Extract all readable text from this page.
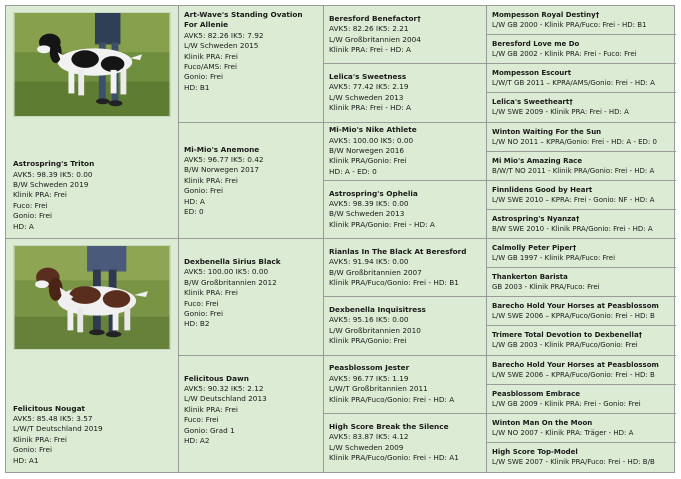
Astrospring's Triton
AVK5: 98.39 IK5: 0.00
B/W Schweden 2019
Klinik PRA: Frei
Fuco: Frei
Gonio: Frei
HD: A
Felicitous Nougat
AVK5: 85.48 IK5: 3.57
L/W/T Deutschland 2019
Klinik PRA: Frei
Gonio: Frei
HD: A1
Art-Wave's Standing Ovation For Allenie
AVK5: 82.26 IK5: 7.92
L/W Schweden 2015
Klinik PRA: Frei
Fuco/AMS: Frei
Gonio: Frei
HD: B1
Mi-Mio's Anemone
AVK5: 96.77 IK5: 0.42
B/W Norwegen 2017
Klinik PRA: Frei
Gonio: Frei
HD: A
ED: 0
Dexbenella Sirius Black
AVK5: 100.00 IK5: 0.00
B/W Großbritannien 2012
Klinik PRA: Frei
Fuco: Frei
Gonio: Frei
HD: B2
Felicitous Dawn
AVK5: 90.32 IK5: 2.12
L/W Deutschland 2013
Klinik PRA: Frei
Fuco: Frei
Gonio: Grad 1
HD: A2
Beresford Benefactor†
AVK5: 82.26 IK5: 2.21
L/W Großbritannien 2004
Klinik PRA: Frei - HD: A
Lelica's Sweetness
AVK5: 77.42 IK5: 2.19
L/W Schweden 2013
Klinik PRA: Frei - HD: A
Mi-Mio's Nike Athlete
AVK5: 100.00 IK5: 0.00
B/W Norwegen 2016
Klinik PRA/Gonio: Frei
HD: A - ED: 0
Astrospring's Ophelia
AVK5: 98.39 IK5: 0.00
B/W Schweden 2013
Klinik PRA/Gonio: Frei - HD: A
Rianlas In The Black At Beresford
AVK5: 91.94 IK5: 0.00
B/W Großbritannien 2007
Klinik PRA/Fuco/Gonio: Frei - HD: B1
Dexbenella Inquisitress
AVK5: 95.16 IK5: 0.00
L/W Großbritannien 2010
Klinik PRA/Gonio: Frei
Peasblossom Jester
AVK5: 96.77 IK5: 1.19
L/W/T Großbritannien 2011
Klinik PRA/Fuco/Gonio: Frei - HD: A
High Score Break the Silence
AVK5: 83.87 IK5: 4.12
L/W Schweden 2009
Klinik PRA/Fuco/Gonio: Frei - HD: A1
Mompesson Royal Destiny†
L/W GB 2000 - Klinik PRA/Fuco: Frei - HD: B1
Beresford Love me Do
L/W GB 2002 - Klinik PRA: Frei - Fuco: Frei
Mompesson Escourt
L/W/T GB 2011 – KPRA/AMS/Gonio: Frei - HD: A
Lelica's Sweetheart†
L/W SWE 2009 - Klinik PRA: Frei - HD: A
Winton Waiting For the Sun
L/W NO 2011 – KPRA/Gonio: Frei - HD: A - ED: 0
Mi Mio's Amazing Race
B/W/T NO 2011 - Klinik PRA/Gonio: Frei - HD: A
Finnlidens Good by Heart
L/W SWE 2010 – KPRA: Frei - Gonio: NF - HD: A
Astrospring's Nyanza†
B/W SWE 2010 - Klinik PRA/Gonio: Frei - HD: A
Calmolly Peter Piper†
L/W GB 1997 - Klinik PRA/Fuco: Frei
Thankerton Barista
GB 2003 - Klinik PRA/Fuco: Frei
Barecho Hold Your Horses at Peasblossom
L/W SWE 2006 – KPRA/Fuco/Gonio: Frei - HD: B
Trimere Total Devotion to Dexbenella†
L/W GB 2003 - Klinik PRA/Fuco/Gonio: Frei
Barecho Hold Your Horses at Peasblossom
L/W SWE 2006 – KPRA/Fuco/Gonio: Frei - HD: B
Peasblossom Embrace
L/W GB 2009 - Klinik PRA: Frei - Gonio: Frei
Winton Man On the Moon
L/W NO 2007 - Klinik PRA: Träger - HD: A
High Score Top-Model
L/W SWE 2007 - Klinik PRA/Fuco: Frei - HD: B/B
